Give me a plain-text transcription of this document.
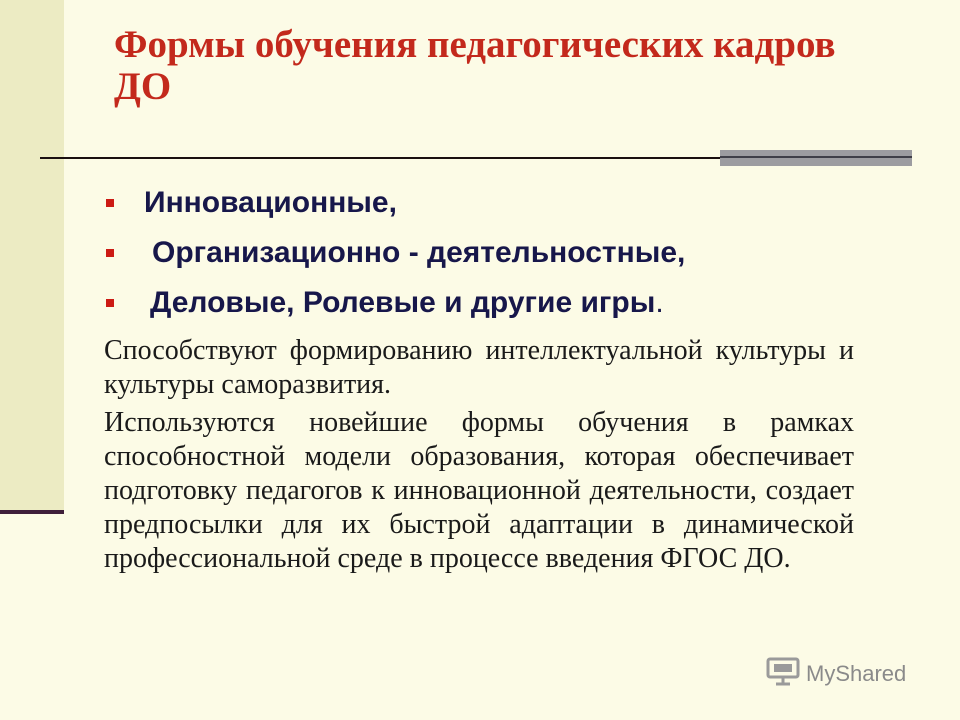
Формы обучения педагогических кадров ДО
Инновационные,
Организационно - деятельностные,
Деловые, Ролевые и другие игры.

Способствуют формированию интеллектуальной культуры и культуры саморазвития.

Используются новейшие формы обучения в рамках способностной модели образования, которая обеспечивает подготовку педагогов к инновационной деятельности, создает предпосылки для их быстрой адаптации в динамической профессиональной среде в процессе введения ФГОС ДО.

MyShared
